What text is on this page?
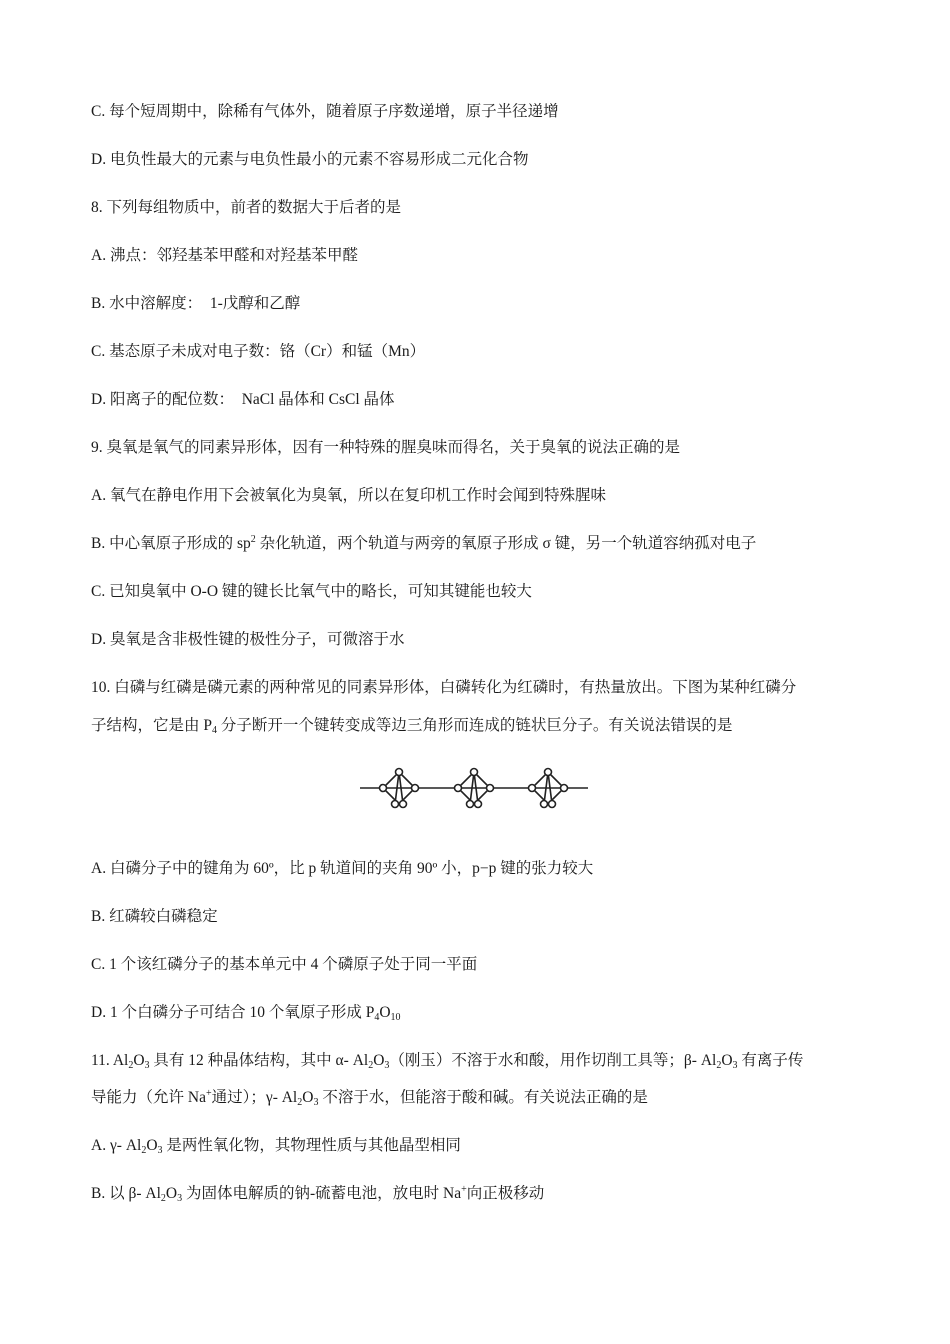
C. 每个短周期中，除稀有气体外，随着原子序数递增，原子半径递增
D. 电负性最大的元素与电负性最小的元素不容易形成二元化合物
8. 下列每组物质中，前者的数据大于后者的是
A. 沸点：邻羟基苯甲醛和对羟基苯甲醛
B. 水中溶解度：  1-戊醇和乙醇
C. 基态原子未成对电子数：铬（Cr）和锰（Mn）
D. 阳离子的配位数：  NaCl 晶体和 CsCl 晶体
9. 臭氧是氧气的同素异形体，因有一种特殊的腥臭味而得名，关于臭氧的说法正确的是
A. 氧气在静电作用下会被氧化为臭氧，所以在复印机工作时会闻到特殊腥味
B. 中心氧原子形成的 $sp^2$ 杂化轨道，两个轨道与两旁的氧原子形成 σ 键，另一个轨道容纳孤对电子
C. 已知臭氧中 O-O 键的键长比氧气中的略长，可知其键能也较大
D. 臭氧是含非极性键的极性分子，可微溶于水
10. 白磷与红磷是磷元素的两种常见的同素异形体，白磷转化为红磷时，有热量放出。下图为某种红磷分
子结构，它是由 $P_4$ 分子断开一个键转变成等边三角形而连成的链状巨分子。有关说法错误的是
A. 白磷分子中的键角为 60º，比 p 轨道间的夹角 90º 小，p−p 键的张力较大
B. 红磷较白磷稳定
C. 1 个该红磷分子的基本单元中 4 个磷原子处于同一平面
D. 1 个白磷分子可结合 10 个氧原子形成 $P_4O_{10}$
11. $Al_2O_3$ 具有 12 种晶体结构，其中 α- $Al_2O_3$（刚玉）不溶于水和酸，用作切削工具等；β- $Al_2O_3$ 有离子传
导能力（允许 Na+通过）；γ- $Al_2O_3$ 不溶于水，但能溶于酸和碱。有关说法正确的是
A. γ- $Al_2O_3$ 是两性氧化物，其物理性质与其他晶型相同
B. 以 β- $Al_2O_3$ 为固体电解质的钠-硫蓄电池，放电时 Na+向正极移动
